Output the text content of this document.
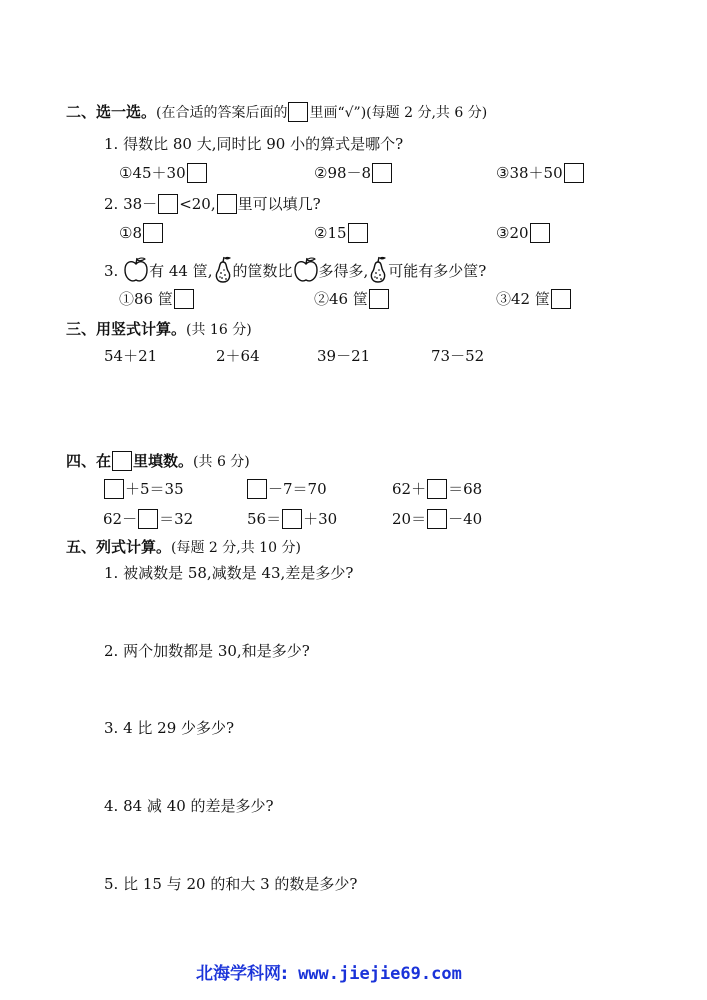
二、选一选。(在合适的答案后面的 里画“√”)(每题 2 分,共 6 分)
1. 得数比 80 大,同时比 90 小的算式是哪个?
①45＋30	②98－8	③38＋50
2. 38－ <20, 里可以填几?
①8	②15	③20
3. 有 44 筐, 的筐数比 多得多, 可能有多少筐?
①86 筐	②46 筐	③42 筐
三、用竖式计算。(共 16 分)
54＋21	2＋64	39－21	73－52
四、在 里填数。(共 6 分)
＋5＝35	－7＝70	62＋ ＝68
62－ ＝32	56＝ ＋30	20＝ －40
五、列式计算。(每题 2 分,共 10 分)
1. 被减数是 58,减数是 43,差是多少?
2. 两个加数都是 30,和是多少?
3. 4 比 29 少多少?
4. 84 减 40 的差是多少?
5. 比 15 与 20 的和大 3 的数是多少?
北海学科网: www.jiejie69.com
